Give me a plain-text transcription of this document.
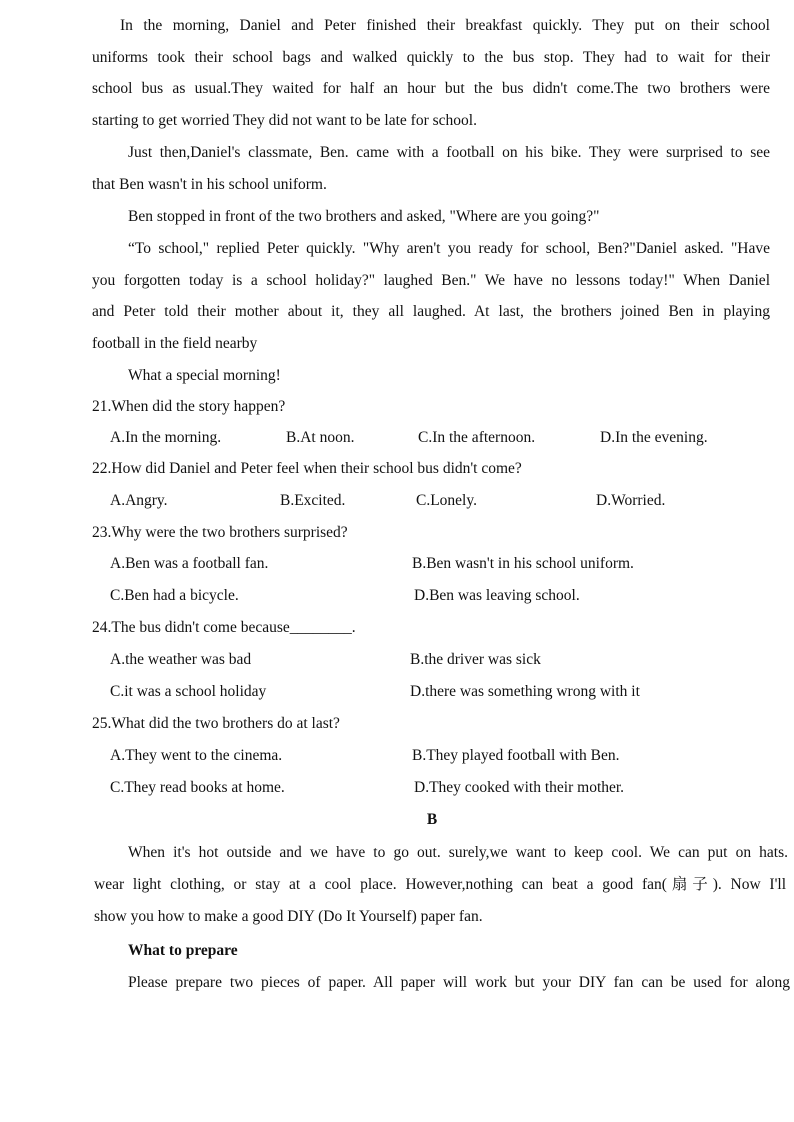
In the morning, Daniel and Peter finished their breakfast quickly. They put on their school
uniforms took their school bags and walked quickly to the bus stop. They had to wait for their
school bus as usual.They waited for half an hour but the bus didn't come.The two brothers were
starting to get worried They did not want to be late for school.
Just then,Daniel's classmate, Ben. came with a football on his bike. They were surprised to see
that Ben wasn't in his school uniform.
Ben stopped in front of the two brothers and asked, "Where are you going?"
“To school," replied Peter quickly. "Why aren't you ready for school, Ben?"Daniel asked. "Have
you forgotten today is a school holiday?" laughed Ben." We have no lessons today!" When Daniel
and Peter told their mother about it, they all laughed. At last, the brothers joined Ben in playing
football in the field nearby
What a special morning!
21.When did the story happen?
A.In the morning.	B.At noon.	C.In the afternoon.	D.In the evening.
22.How did Daniel and Peter feel when their school bus didn't come?
A.Angry.	B.Excited.	C.Lonely.	D.Worried.
23.Why were the two brothers surprised?
A.Ben was a football fan.	B.Ben wasn't in his school uniform.
C.Ben had a bicycle.	D.Ben was leaving school.
24.The bus didn't come because________.
A.the weather was bad	B.the driver was sick
C.it was a school holiday	D.there was something wrong with it
25.What did the two brothers do at last?
A.They went to the cinema.	B.They played football with Ben.
C.They read books at home.	D.They cooked with their mother.
B
When it's hot outside and we have to go out. surely,we want to keep cool. We can put on hats.
wear light clothing, or stay at a cool place. However,nothing can beat a good fan(扇子). Now I'll
show you how to make a good DIY (Do It Yourself) paper fan.
What to prepare
Please prepare two pieces of paper. All paper will work but your DIY fan can be used for along
